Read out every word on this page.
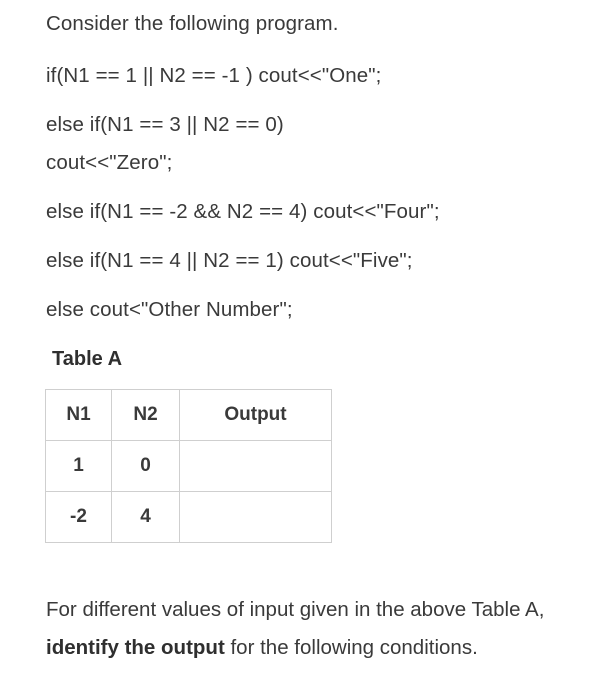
Consider the following program.
if(N1 == 1 || N2 == -1 ) cout<<"One";
else if(N1 == 3 || N2 == 0)
cout<<"Zero";
else if(N1 == -2 && N2 == 4) cout<<"Four";
else if(N1 == 4 || N2 == 1) cout<<"Five";
else cout<"Other Number";
Table A
N1	N2	Output
1	0	
-2	4	
For different values of input given in the above Table A, identify the output for the following conditions.
